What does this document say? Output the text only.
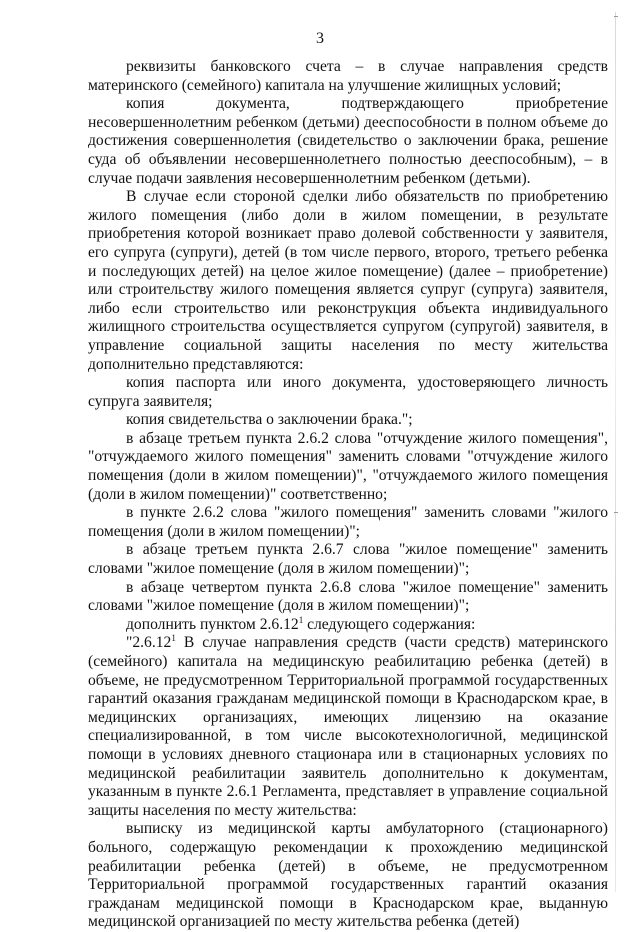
3

реквизиты банковского счета – в случае направления средств материнского (семейного) капитала на улучшение жилищных условий;

копия документа, подтверждающего приобретение несовершеннолетним ребенком (детьми) дееспособности в полном объеме до достижения совершеннолетия (свидетельство о заключении брака, решение суда об объявлении несовершеннолетнего полностью дееспособным), – в случае подачи заявления несовершеннолетним ребенком (детьми).

В случае если стороной сделки либо обязательств по приобретению жилого помещения (либо доли в жилом помещении, в результате приобретения которой возникает право долевой собственности у заявителя, его супруга (супруги), детей (в том числе первого, второго, третьего ребенка и последующих детей) на целое жилое помещение) (далее – приобретение) или строительству жилого помещения является супруг (супруга) заявителя, либо если строительство или реконструкция объекта индивидуального жилищного строительства осуществляется супругом (супругой) заявителя, в управление социальной защиты населения по месту жительства дополнительно представляются:

копия паспорта или иного документа, удостоверяющего личность супруга заявителя;

копия свидетельства о заключении брака.";

в абзаце третьем пункта 2.6.2 слова "отчуждение жилого помещения", "отчуждаемого жилого помещения" заменить словами "отчуждение жилого помещения (доли в жилом помещении)", "отчуждаемого жилого помещения (доли в жилом помещении)" соответственно;

в пункте 2.6.2 слова "жилого помещения" заменить словами "жилого помещения (доли в жилом помещении)";

в абзаце третьем пункта 2.6.7 слова "жилое помещение" заменить словами "жилое помещение (доля в жилом помещении)";

в абзаце четвертом пункта 2.6.8 слова "жилое помещение" заменить словами "жилое помещение (доля в жилом помещении)";

дополнить пунктом 2.6.12$^1$ следующего содержания:

"2.6.12$^1$ В случае направления средств (части средств) материнского (семейного) капитала на медицинскую реабилитацию ребенка (детей) в объеме, не предусмотренном Территориальной программой государственных гарантий оказания гражданам медицинской помощи в Краснодарском крае, в медицинских организациях, имеющих лицензию на оказание специализированной, в том числе высокотехнологичной, медицинской помощи в условиях дневного стационара или в стационарных условиях по медицинской реабилитации заявитель дополнительно к документам, указанным в пункте 2.6.1 Регламента, представляет в управление социальной защиты населения по месту жительства:

выписку из медицинской карты амбулаторного (стационарного) больного, содержащую рекомендации к прохождению медицинской реабилитации ребенка (детей) в объеме, не предусмотренном Территориальной программой государственных гарантий оказания гражданам медицинской помощи в Краснодарском крае, выданную медицинской организацией по месту жительства ребенка (детей)
